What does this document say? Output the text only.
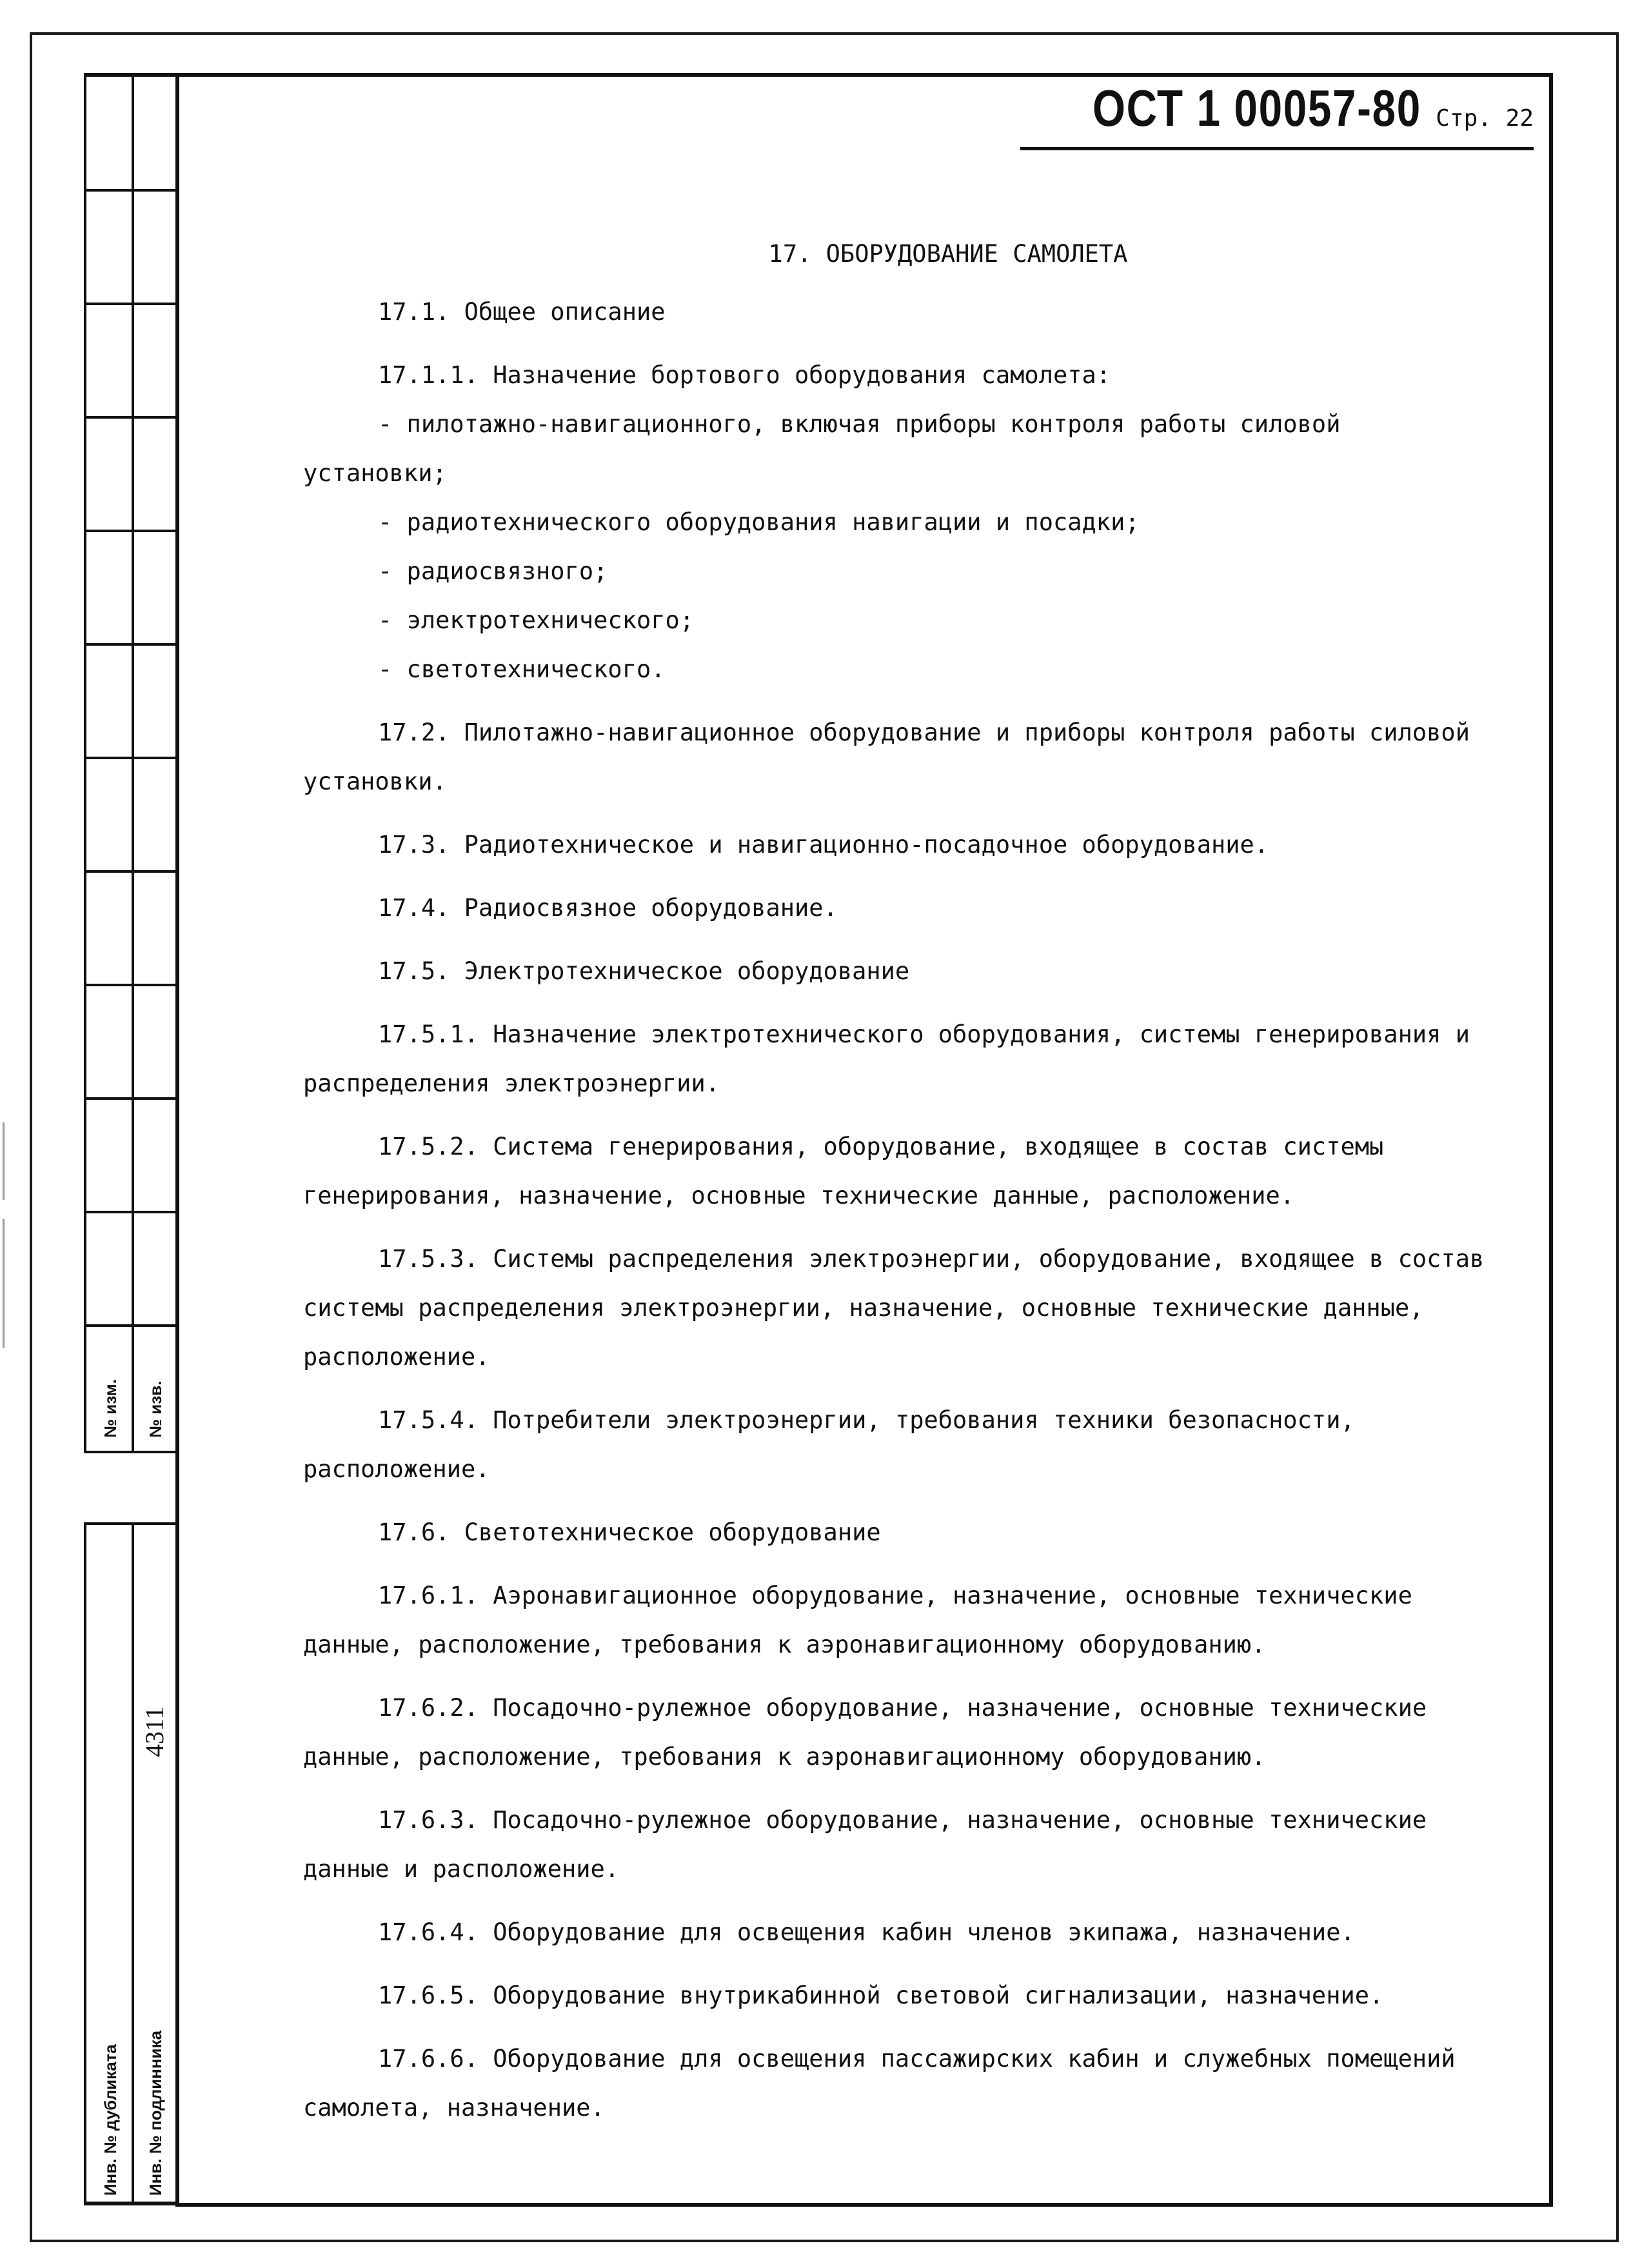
№ изм. № изв.
Инв. № дубликата Инв. № подлинника
4311
ОСТ 1 00057-80 Стр. 22

17. ОБОРУДОВАНИЕ САМОЛЕТА

17.1. Общее описание

17.1.1. Назначение бортового оборудования самолета:

- пилотажно-навигационного, включая приборы контроля работы силовой установки;

- радиотехнического оборудования навигации и посадки;

- радиосвязного;

- электротехнического;

- светотехнического.

17.2. Пилотажно-навигационное оборудование и приборы контроля работы силовой установки.

17.3. Радиотехническое и навигационно-посадочное оборудование.

17.4. Радиосвязное оборудование.

17.5. Электротехническое оборудование

17.5.1. Назначение электротехнического оборудования, системы генерирования и распределения электроэнергии.

17.5.2. Система генерирования, оборудование, входящее в состав системы генерирования, назначение, основные технические данные, расположение.

17.5.3. Системы распределения электроэнергии, оборудование, входящее в состав системы распределения электроэнергии, назначение, основные технические данные, расположение.

17.5.4. Потребители электроэнергии, требования техники безопасности, расположение.

17.6. Светотехническое оборудование

17.6.1. Аэронавигационное оборудование, назначение, основные технические данные, расположение, требования к аэронавигационному оборудованию.

17.6.2. Посадочно-рулежное оборудование, назначение, основные технические данные, расположение, требования к аэронавигационному оборудованию.

17.6.3. Посадочно-рулежное оборудование, назначение, основные технические данные и расположение.

17.6.4. Оборудование для освещения кабин членов экипажа, назначение.

17.6.5. Оборудование внутрикабинной световой сигнализации, назначение.

17.6.6. Оборудование для освещения пассажирских кабин и служебных помещений самолета, назначение.
